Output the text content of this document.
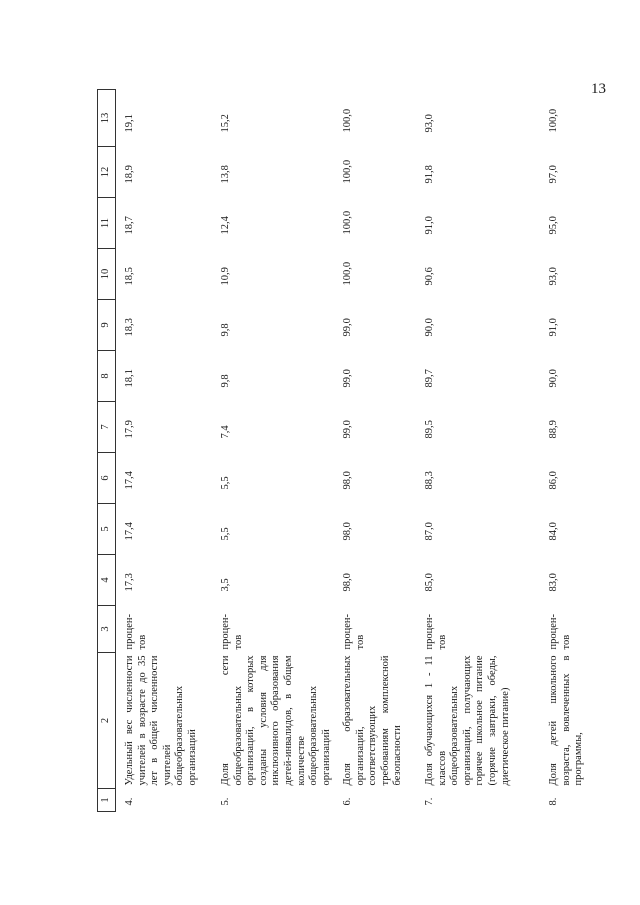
13
1	2	3	4	5	6	7	8	9	10	11	12	13
4.	Удельный вес численности учителей в возрасте до 35 лет в общей численности учителей общеобразовательных организаций	процен-тов	17,3	17,4	17,4	17,9	18,1	18,3	18,5	18,7	18,9	19,1
5.	Доля сети общеобразовательных организаций, в которых созданы условия для инклюзивного образования детей-инвалидов, в общем количестве общеобразовательных организаций	процен-тов	3,5	5,5	5,5	7,4	9,8	9,8	10,9	12,4	13,8	15,2
6.	Доля образовательных организаций, соответствующих требованиям комплексной безопасности	процен-тов	98,0	98,0	98,0	99,0	99,0	99,0	100,0	100,0	100,0	100,0
7.	Доля обучающихся 1 - 11 классов общеобразовательных организаций, получающих горячее школьное питание (горячие завтраки, обеды, диетическое питание)	процен-тов	85,0	87,0	88,3	89,5	89,7	90,0	90,6	91,0	91,8	93,0
8.	Доля детей школьного возраста, вовлеченных в программы,	процен-тов	83,0	84,0	86,0	88,9	90,0	91,0	93,0	95,0	97,0	100,0
